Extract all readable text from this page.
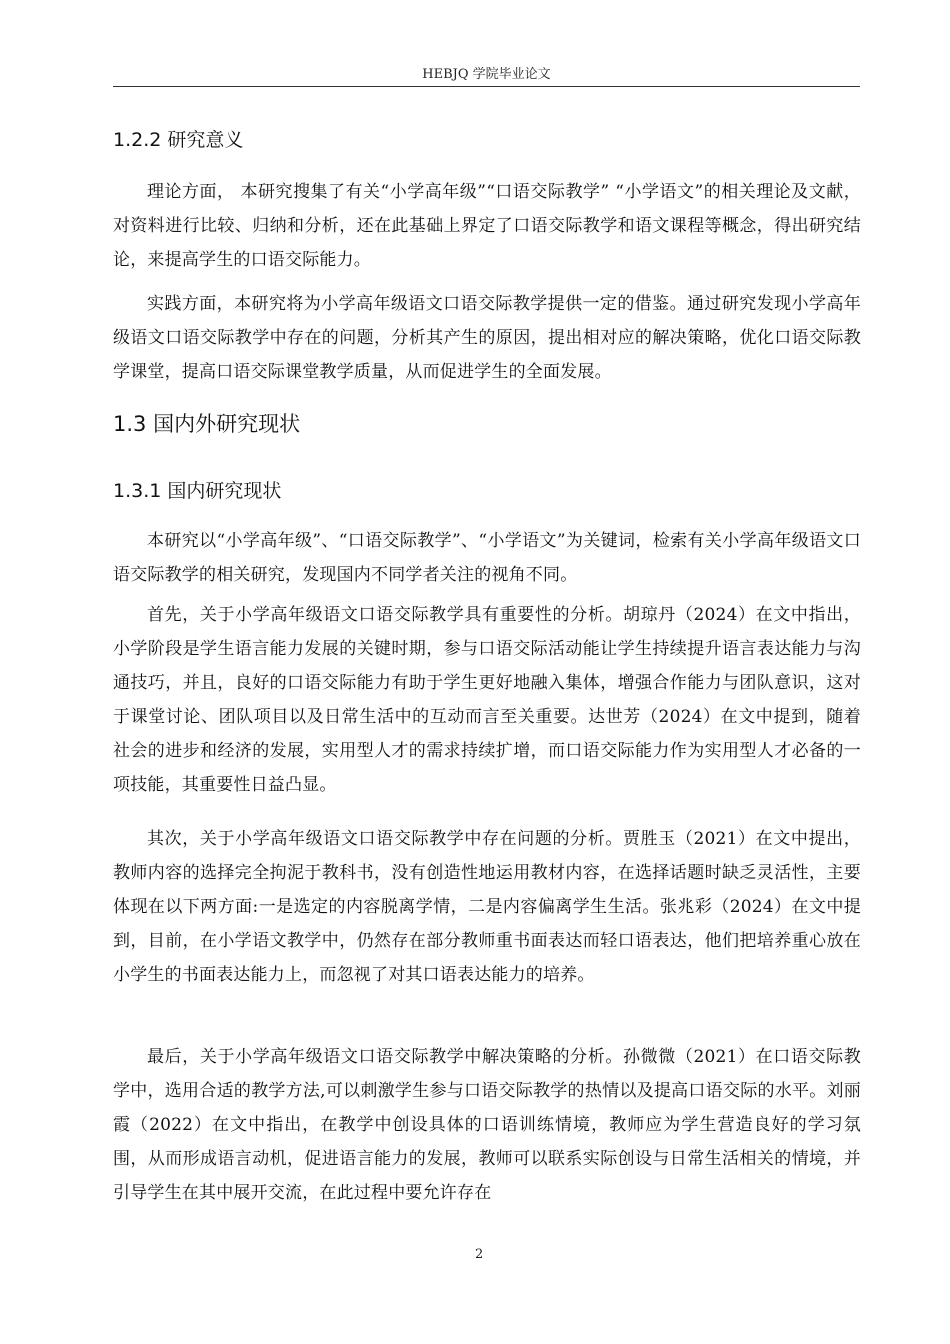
HEBJQ 学院毕业论文
1.2.2 研究意义

理论方面， 本研究搜集了有关“小学高年级”“口语交际教学” “小学语文”的相关理论及文献，对资料进行比较、归纳和分析，还在此基础上界定了口语交际教学和语文课程等概念，得出研究结论，来提高学生的口语交际能力。

实践方面，本研究将为小学高年级语文口语交际教学提供一定的借鉴。通过研究发现小学高年级语文口语交际教学中存在的问题，分析其产生的原因，提出相对应的解决策略，优化口语交际教学课堂，提高口语交际课堂教学质量，从而促进学生的全面发展。

1.3 国内外研究现状
1.3.1 国内研究现状

本研究以“小学高年级”、“口语交际教学”、“小学语文”为关键词，检索有关小学高年级语文口语交际教学的相关研究，发现国内不同学者关注的视角不同。

首先，关于小学高年级语文口语交际教学具有重要性的分析。胡琼丹（2024）在文中指出，小学阶段是学生语言能力发展的关键时期，参与口语交际活动能让学生持续提升语言表达能力与沟通技巧，并且，良好的口语交际能力有助于学生更好地融入集体，增强合作能力与团队意识，这对于课堂讨论、团队项目以及日常生活中的互动而言至关重要。达世芳（2024）在文中提到，随着社会的进步和经济的发展，实用型人才的需求持续扩增，而口语交际能力作为实用型人才必备的一项技能，其重要性日益凸显。

其次，关于小学高年级语文口语交际教学中存在问题的分析。贾胜玉（2021）在文中提出，教师内容的选择完全拘泥于教科书，没有创造性地运用教材内容，在选择话题时缺乏灵活性，主要体现在以下两方面:一是选定的内容脱离学情，二是内容偏离学生生活。张兆彩（2024）在文中提到，目前，在小学语文教学中，仍然存在部分教师重书面表达而轻口语表达，他们把培养重心放在小学生的书面表达能力上，而忽视了对其口语表达能力的培养。

最后，关于小学高年级语文口语交际教学中解决策略的分析。孙微微（2021）在口语交际教学中，选用合适的教学方法,可以刺激学生参与口语交际教学的热情以及提高口语交际的水平。刘丽霞（2022）在文中指出，在教学中创设具体的口语训练情境，教师应为学生营造良好的学习氛围，从而形成语言动机，促进语言能力的发展，教师可以联系实际创设与日常生活相关的情境，并引导学生在其中展开交流，在此过程中要允许存在

2
